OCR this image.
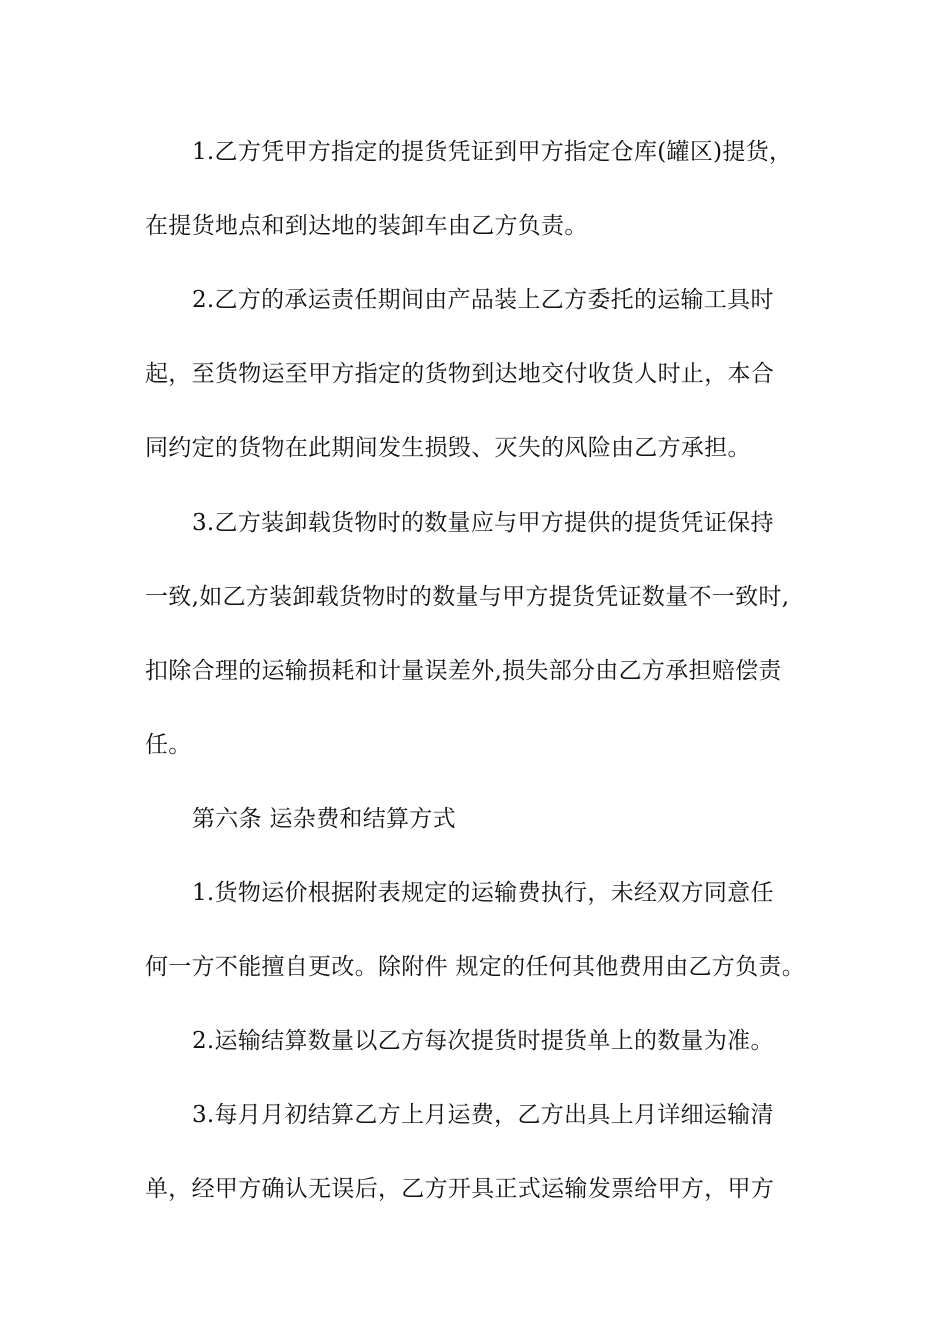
1.乙方凭甲方指定的提货凭证到甲方指定仓库(罐区)提货，
在提货地点和到达地的装卸车由乙方负责。
2.乙方的承运责任期间由产品装上乙方委托的运输工具时
起，至货物运至甲方指定的货物到达地交付收货人时止，本合
同约定的货物在此期间发生损毁、灭失的风险由乙方承担。
3.乙方装卸载货物时的数量应与甲方提供的提货凭证保持
一致,如乙方装卸载货物时的数量与甲方提货凭证数量不一致时,
扣除合理的运输损耗和计量误差外,损失部分由乙方承担赔偿责
任。
第六条 运杂费和结算方式
1.货物运价根据附表规定的运输费执行，未经双方同意任
何一方不能擅自更改。除附件 规定的任何其他费用由乙方负责。
2.运输结算数量以乙方每次提货时提货单上的数量为准。
3.每月月初结算乙方上月运费，乙方出具上月详细运输清
单，经甲方确认无误后，乙方开具正式运输发票给甲方，甲方
